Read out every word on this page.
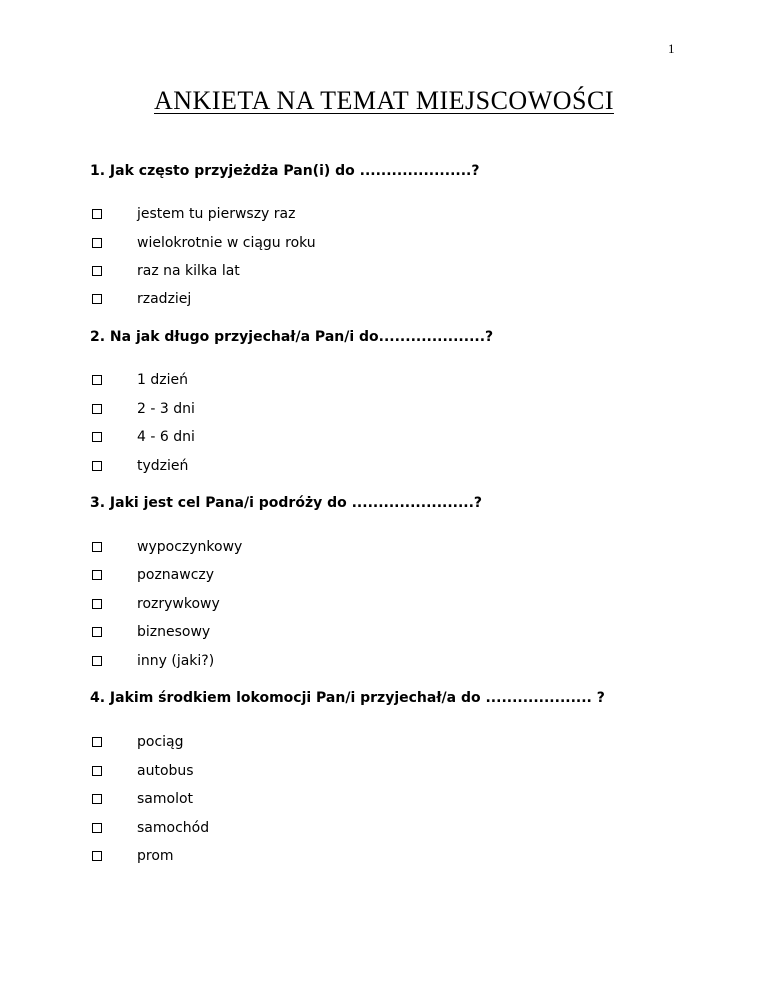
1
ANKIETA NA TEMAT MIEJSCOWOŚCI
1. Jak często przyjeżdża Pan(i) do .....................?
jestem tu pierwszy raz
wielokrotnie w ciągu roku
raz na kilka lat
rzadziej
2. Na jak długo przyjechał/a Pan/i do....................?
1 dzień
2 - 3 dni
4 - 6 dni
tydzień
3. Jaki jest cel Pana/i podróży do .......................?
wypoczynkowy
poznawczy
rozrywkowy
biznesowy
inny (jaki?)
4. Jakim środkiem lokomocji Pan/i przyjechał/a do .................... ?
pociąg
autobus
samolot
samochód
prom
